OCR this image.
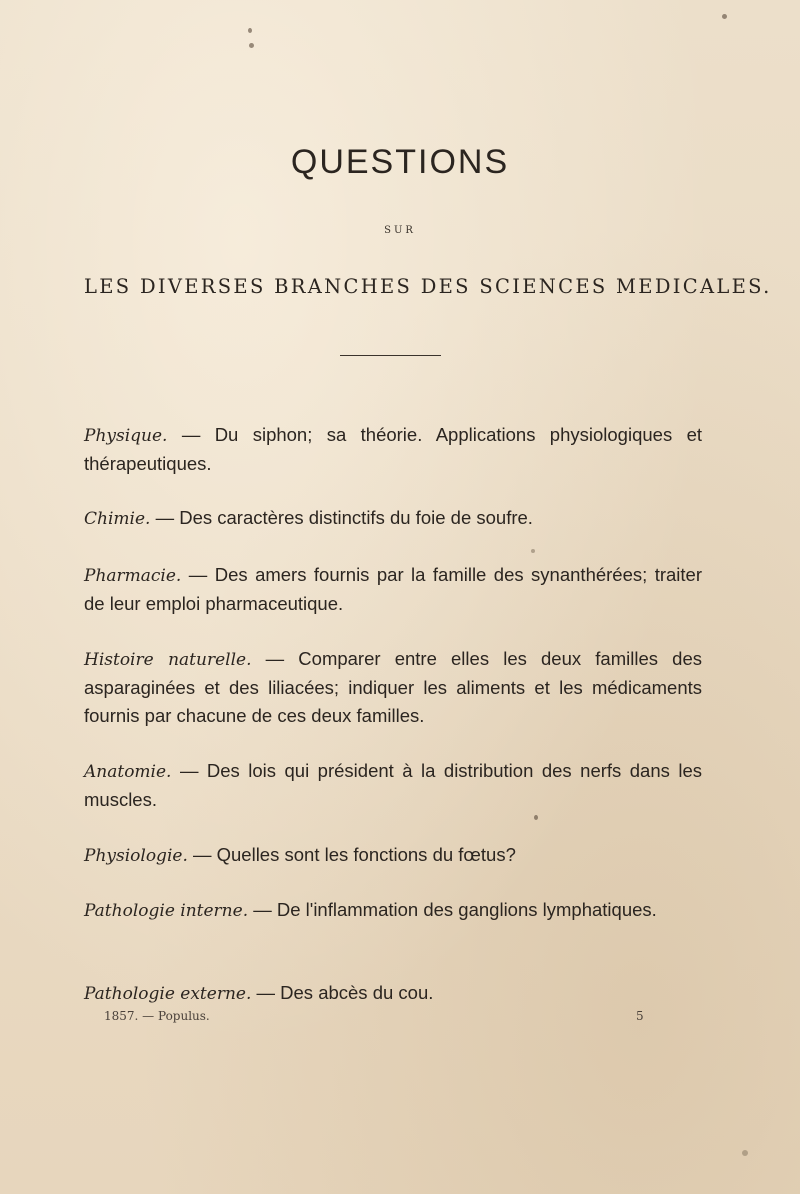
QUESTIONS
SUR
LES DIVERSES BRANCHES DES SCIENCES MEDICALES.
Physique. — Du siphon; sa théorie. Applications physiologiques et thérapeutiques.
Chimie. — Des caractères distinctifs du foie de soufre.
Pharmacie. — Des amers fournis par la famille des synanthérées; traiter de leur emploi pharmaceutique.
Histoire naturelle. — Comparer entre elles les deux familles des asparaginées et des liliacées; indiquer les aliments et les médicaments fournis par chacune de ces deux familles.
Anatomie. — Des lois qui président à la distribution des nerfs dans les muscles.
Physiologie. — Quelles sont les fonctions du fœtus?
Pathologie interne. — De l'inflammation des ganglions lymphatiques.
Pathologie externe. — Des abcès du cou.
1857. — Populus.	5
